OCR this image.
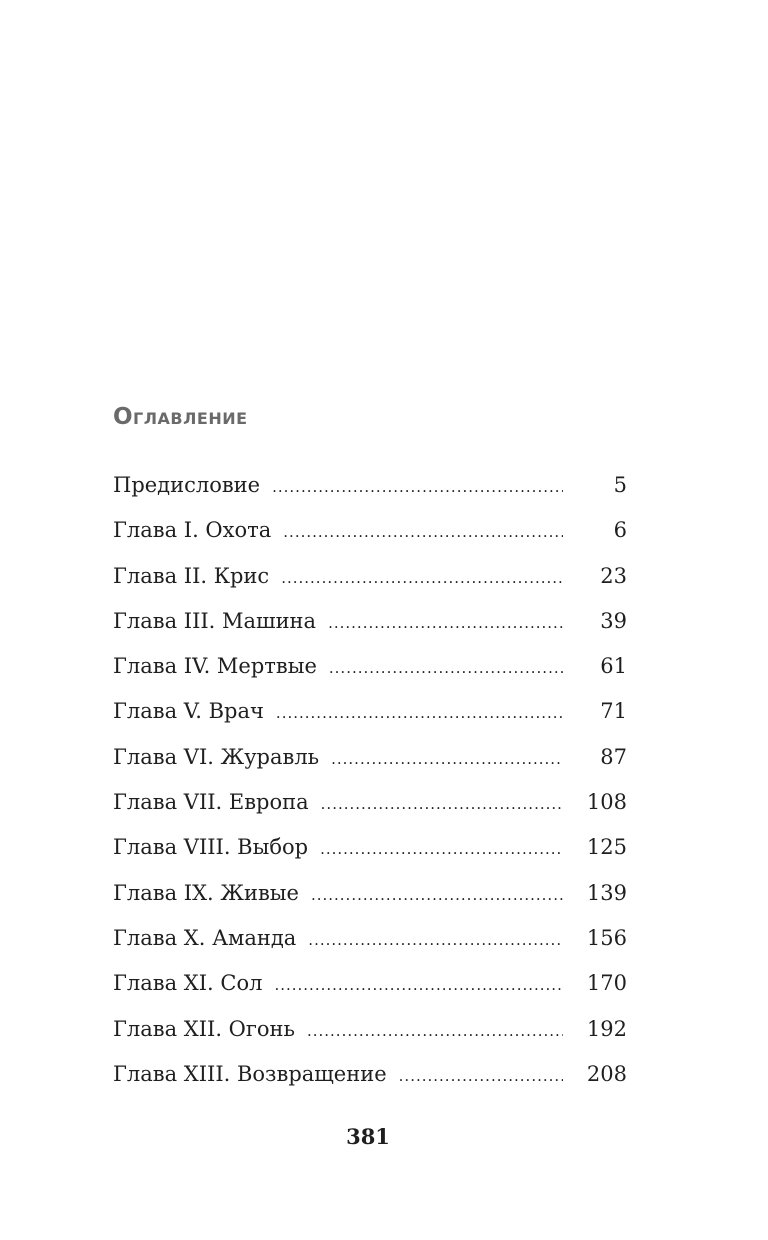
Оглавление
Предисловие .....	5
Глава I. Охота .....	6
Глава II. Крис .....	23
Глава III. Машина .....	39
Глава IV. Мертвые .....	61
Глава V. Врач .....	71
Глава VI. Журавль .....	87
Глава VII. Европа .....	108
Глава VIII. Выбор .....	125
Глава IX. Живые .....	139
Глава X. Аманда .....	156
Глава XI. Сол .....	170
Глава XII. Огонь .....	192
Глава XIII. Возвращение .....	208
381
